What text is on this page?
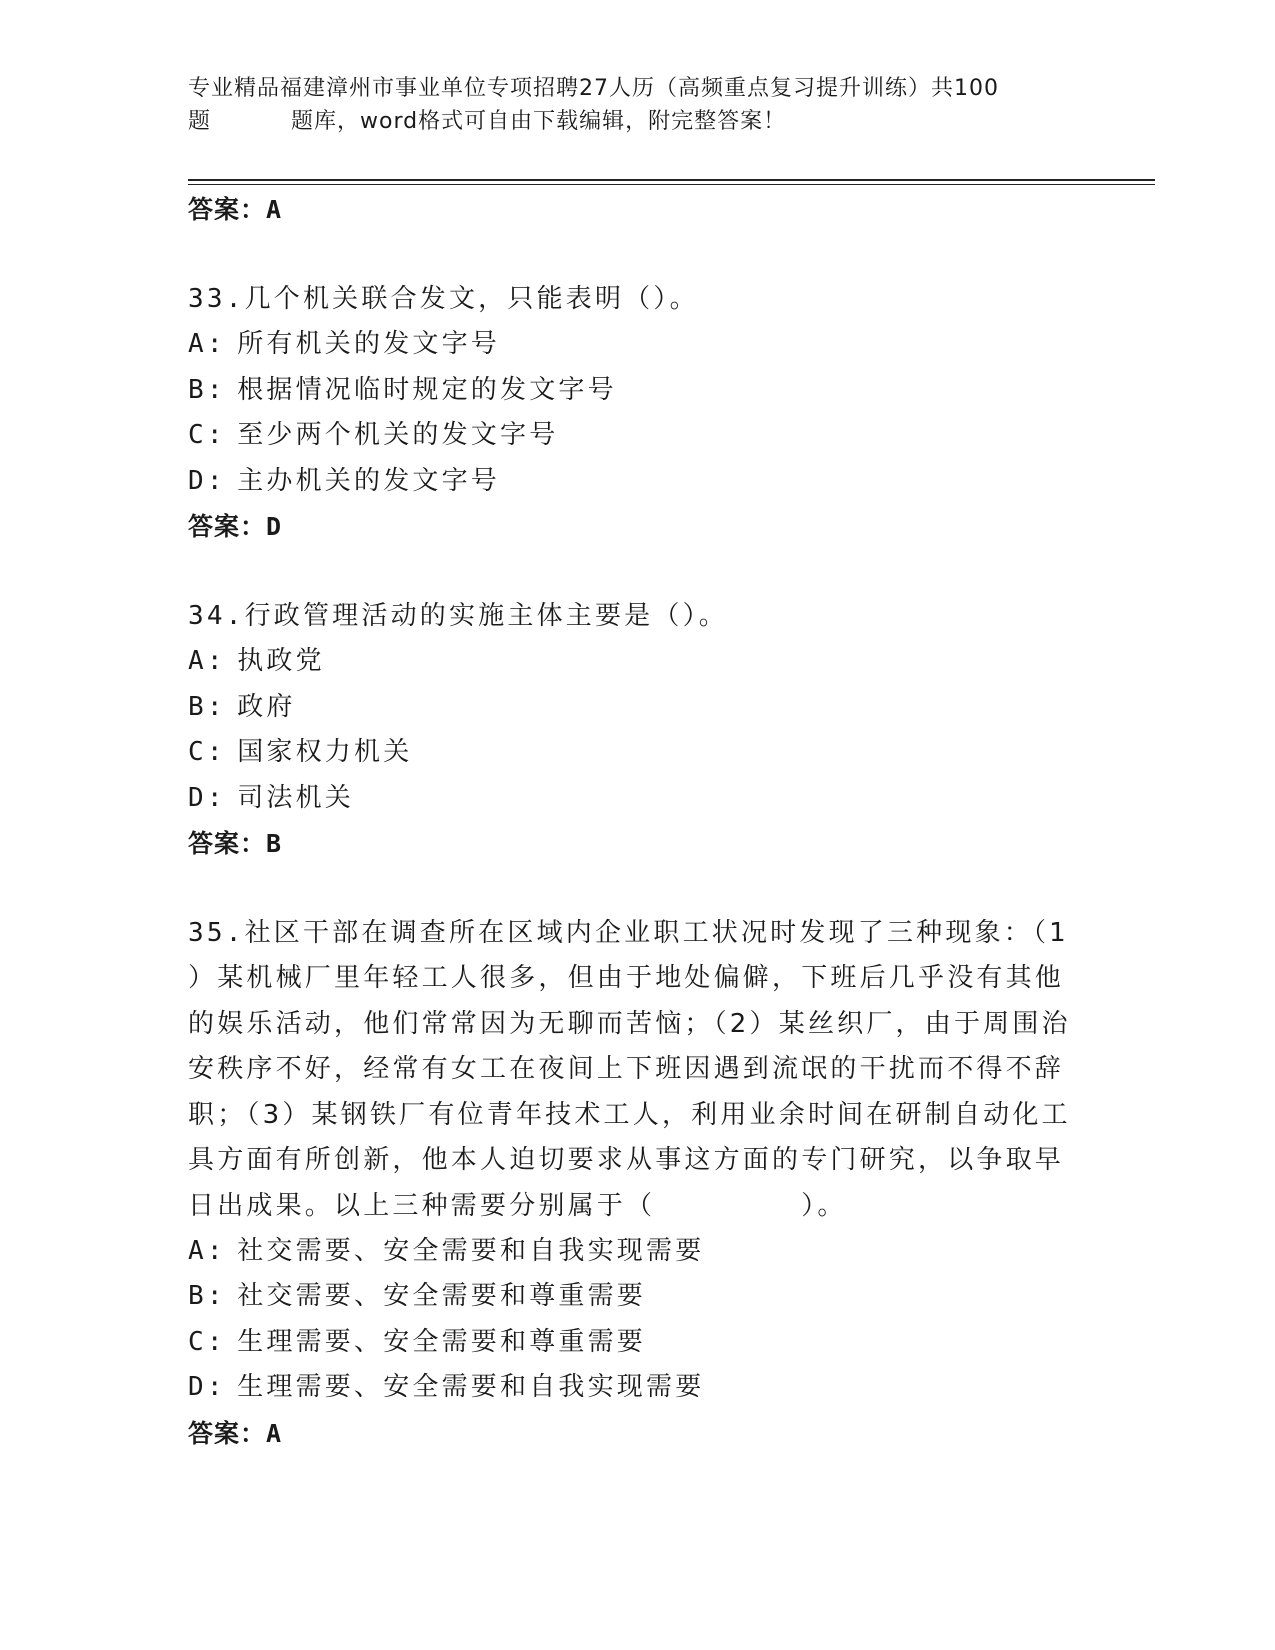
专业精品福建漳州市事业单位专项招聘27人历（高频重点复习提升训练）共100
题	题库，word格式可自由下载编辑，附完整答案！
答案： A
33.几个机关联合发文，只能表明（）。
A: 所有机关的发文字号
B: 根据情况临时规定的发文字号
C: 至少两个机关的发文字号
D: 主办机关的发文字号
答案： D
34.行政管理活动的实施主体主要是（）。
A: 执政党
B: 政府
C: 国家权力机关
D: 司法机关
答案： B
35.社区干部在调查所在区域内企业职工状况时发现了三种现象：（1
）某机械厂里年轻工人很多，但由于地处偏僻，下班后几乎没有其他
的娱乐活动，他们常常因为无聊而苦恼；（2）某丝织厂，由于周围治
安秩序不好，经常有女工在夜间上下班因遇到流氓的干扰而不得不辞
职；（3）某钢铁厂有位青年技术工人，利用业余时间在研制自动化工
具方面有所创新，他本人迫切要求从事这方面的专门研究，以争取早
日出成果。以上三种需要分别属于（　　　　　）。
A: 社交需要、安全需要和自我实现需要
B: 社交需要、安全需要和尊重需要
C: 生理需要、安全需要和尊重需要
D: 生理需要、安全需要和自我实现需要
答案： A
